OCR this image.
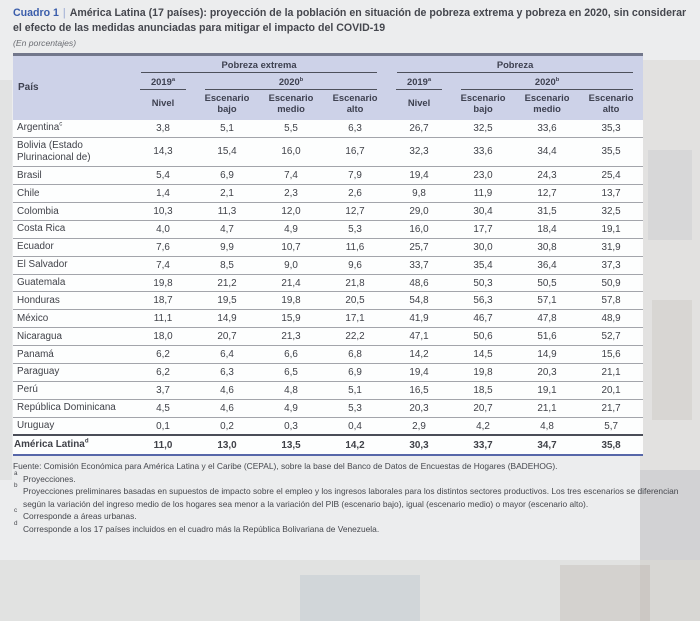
Cuadro 1 | América Latina (17 países): proyección de la población en situación de pobreza extrema y pobreza en 2020, sin considerar el efecto de las medidas anunciadas para mitigar el impacto del COVID-19
(En porcentajes)
País	Pobreza extrema				Pobreza			

	2019$^a$	2020$^b$			2019$^a$	2020$^b$

	Nivel	Escenario bajo	Escenario medio	Escenario alto	Nivel	Escenario bajo	Escenario medio	Escenario alto
Argentina$^c$	3,8	5,1	5,5	6,3	26,7	32,5	33,6	35,3
Bolivia (Estado Plurinacional de)	14,3	15,4	16,0	16,7	32,3	33,6	34,4	35,5
Brasil	5,4	6,9	7,4	7,9	19,4	23,0	24,3	25,4
Chile	1,4	2,1	2,3	2,6	9,8	11,9	12,7	13,7
Colombia	10,3	11,3	12,0	12,7	29,0	30,4	31,5	32,5
Costa Rica	4,0	4,7	4,9	5,3	16,0	17,7	18,4	19,1
Ecuador	7,6	9,9	10,7	11,6	25,7	30,0	30,8	31,9
El Salvador	7,4	8,5	9,0	9,6	33,7	35,4	36,4	37,3
Guatemala	19,8	21,2	21,4	21,8	48,6	50,3	50,5	50,9
Honduras	18,7	19,5	19,8	20,5	54,8	56,3	57,1	57,8
México	11,1	14,9	15,9	17,1	41,9	46,7	47,8	48,9
Nicaragua	18,0	20,7	21,3	22,2	47,1	50,6	51,6	52,7
Panamá	6,2	6,4	6,6	6,8	14,2	14,5	14,9	15,6
Paraguay	6,2	6,3	6,5	6,9	19,4	19,8	20,3	21,1
Perú	3,7	4,6	4,8	5,1	16,5	18,5	19,1	20,1
República Dominicana	4,5	4,6	4,9	5,3	20,3	20,7	21,1	21,7
Uruguay	0,1	0,2	0,3	0,4	2,9	4,2	4,8	5,7
América Latina$^d$	11,0	13,0	13,5	14,2	30,3	33,7	34,7	35,8
Fuente: Comisión Económica para América Latina y el Caribe (CEPAL), sobre la base del Banco de Datos de Encuestas de Hogares (BADEHOG).
a
Proyecciones.
b
Proyecciones preliminares basadas en supuestos de impacto sobre el empleo y los ingresos laborales para los distintos sectores productivos. Los tres escenarios se diferencian según la variación del ingreso medio de los hogares sea menor a la variación del PIB (escenario bajo), igual (escenario medio) o mayor (escenario alto).
c
Corresponde a áreas urbanas.
d
Corresponde a los 17 países incluidos en el cuadro más la República Bolivariana de Venezuela.
